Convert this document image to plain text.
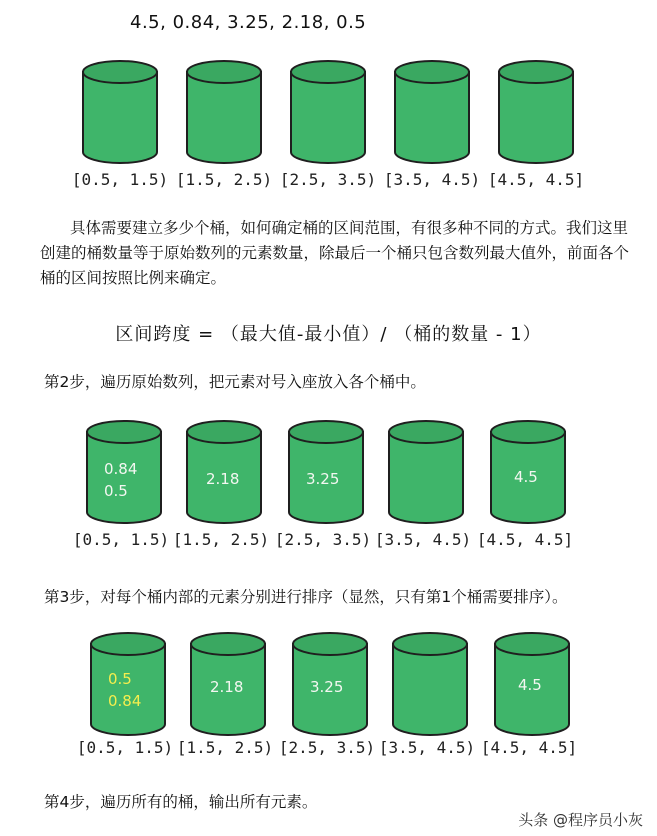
4.5, 0.84, 3.25, 2.18, 0.5
[0.5, 1.5) [1.5, 2.5) [2.5, 3.5) [3.5, 4.5) [4.5, 4.5]
具体需要建立多少个桶，如何确定桶的区间范围，有很多种不同的方式。我们这里创建的桶数量等于原始数列的元素数量，除最后一个桶只包含数列最大值外，前面各个桶的区间按照比例来确定。
区间跨度 = （最大值-最小值）/ （桶的数量 - 1）
第2步，遍历原始数列，把元素对号入座放入各个桶中。
0.84
0.5
2.18	3.25	4.5
[0.5, 1.5) [1.5, 2.5) [2.5, 3.5) [3.5, 4.5) [4.5, 4.5]
第3步，对每个桶内部的元素分别进行排序（显然，只有第1个桶需要排序）。
0.5
0.84
2.18	3.25	4.5
[0.5, 1.5) [1.5, 2.5) [2.5, 3.5) [3.5, 4.5) [4.5, 4.5]
第4步，遍历所有的桶，输出所有元素。
头条 @程序员小灰
